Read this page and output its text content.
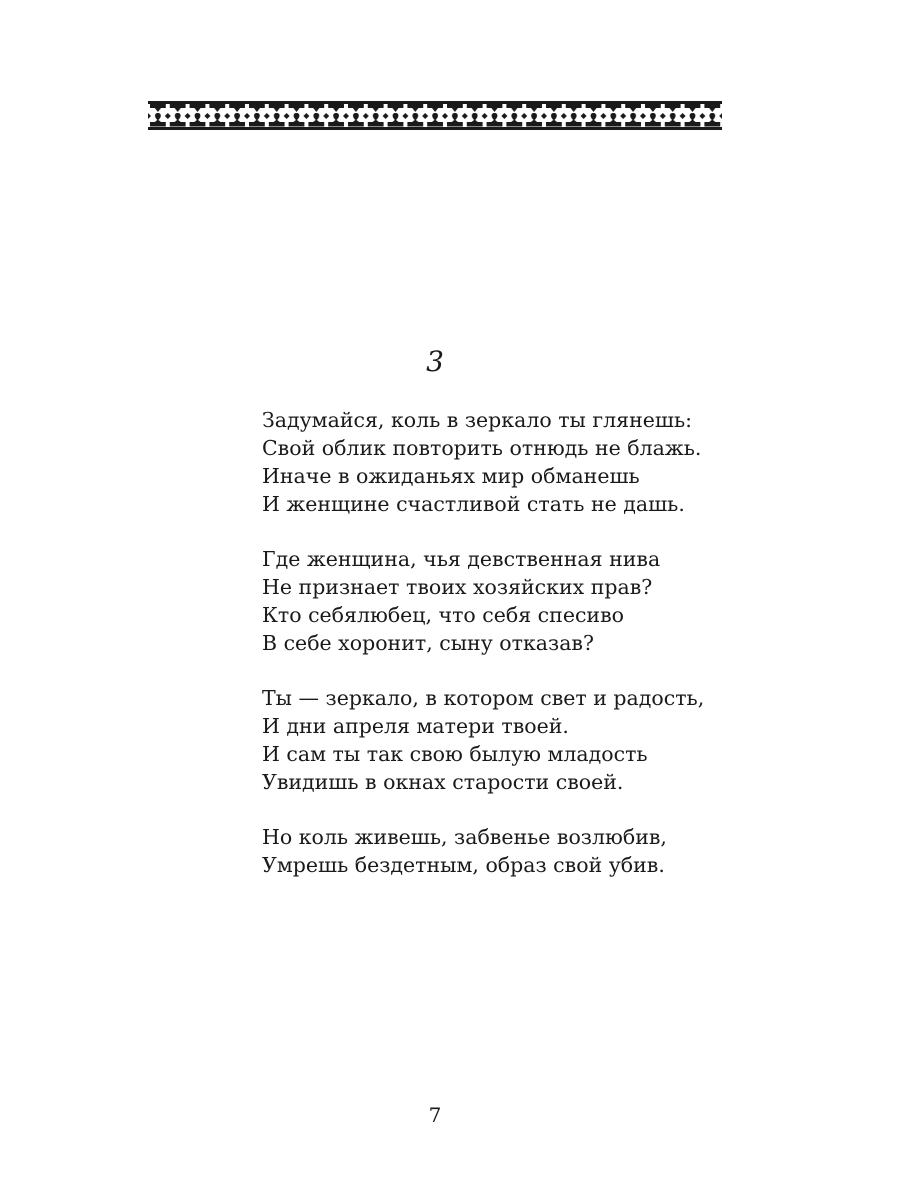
3
Задумайся, коль в зеркало ты глянешь:
Свой облик повторить отнюдь не блажь.
Иначе в ожиданьях мир обманешь
И женщине счастливой стать не дашь.
Где женщина, чья девственная нива
Не признает твоих хозяйских прав?
Кто себялюбец, что себя спесиво
В себе хоронит, сыну отказав?
Ты — зеркало, в котором свет и радость,
И дни апреля матери твоей.
И сам ты так свою былую младость
Увидишь в окнах старости своей.
Но коль живешь, забвенье возлюбив,
Умрешь бездетным, образ свой убив.
7
